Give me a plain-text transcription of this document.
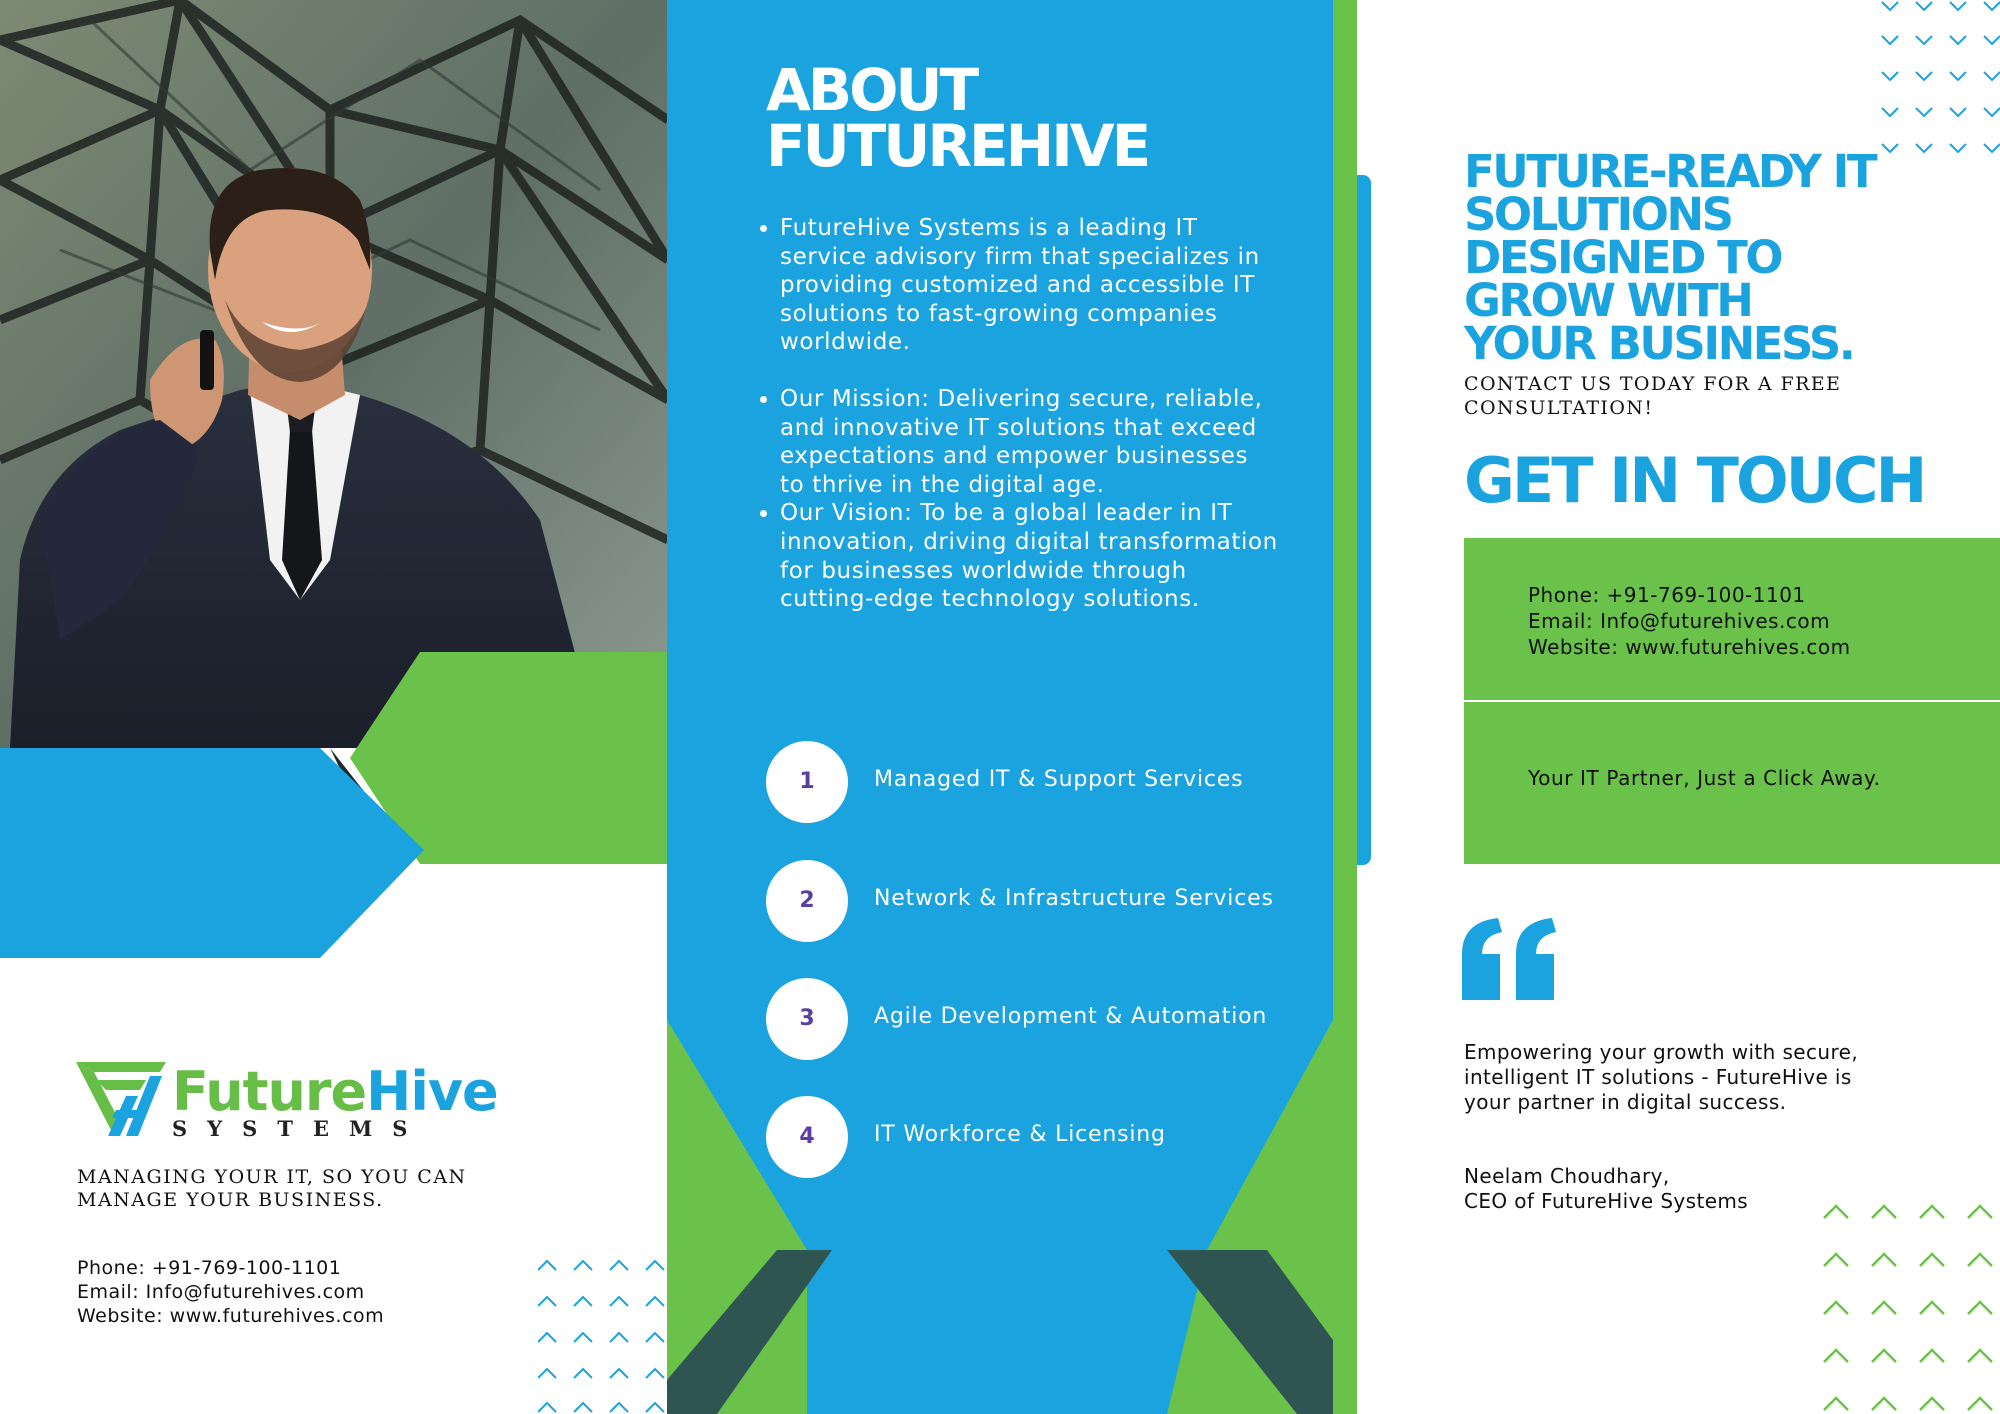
FutureHive
SYSTEMS
MANAGING YOUR IT, SO YOU CAN MANAGE YOUR BUSINESS.
Phone: +91-769-100-1101
Email: Info@futurehives.com
Website: www.futurehives.com
ABOUT
FUTUREHIVE
• FutureHive Systems is a leading IT service advisory firm that specializes in providing customized and accessible IT solutions to fast-growing companies worldwide.
• Our Mission: Delivering secure, reliable, and innovative IT solutions that exceed expectations and empower businesses to thrive in the digital age.
• Our Vision: To be a global leader in IT innovation, driving digital transformation for businesses worldwide through cutting-edge technology solutions.
1	Managed IT & Support Services
2	Network & Infrastructure Services
3	Agile Development & Automation
4	IT Workforce & Licensing
FUTURE-READY IT SOLUTIONS DESIGNED TO GROW WITH YOUR BUSINESS.
CONTACT US TODAY FOR A FREE CONSULTATION!
GET IN TOUCH
Phone: +91-769-100-1101
Email: Info@futurehives.com
Website: www.futurehives.com
Your IT Partner, Just a Click Away.
Empowering your growth with secure, intelligent IT solutions - FutureHive is your partner in digital success.
Neelam Choudhary,
CEO of FutureHive Systems
